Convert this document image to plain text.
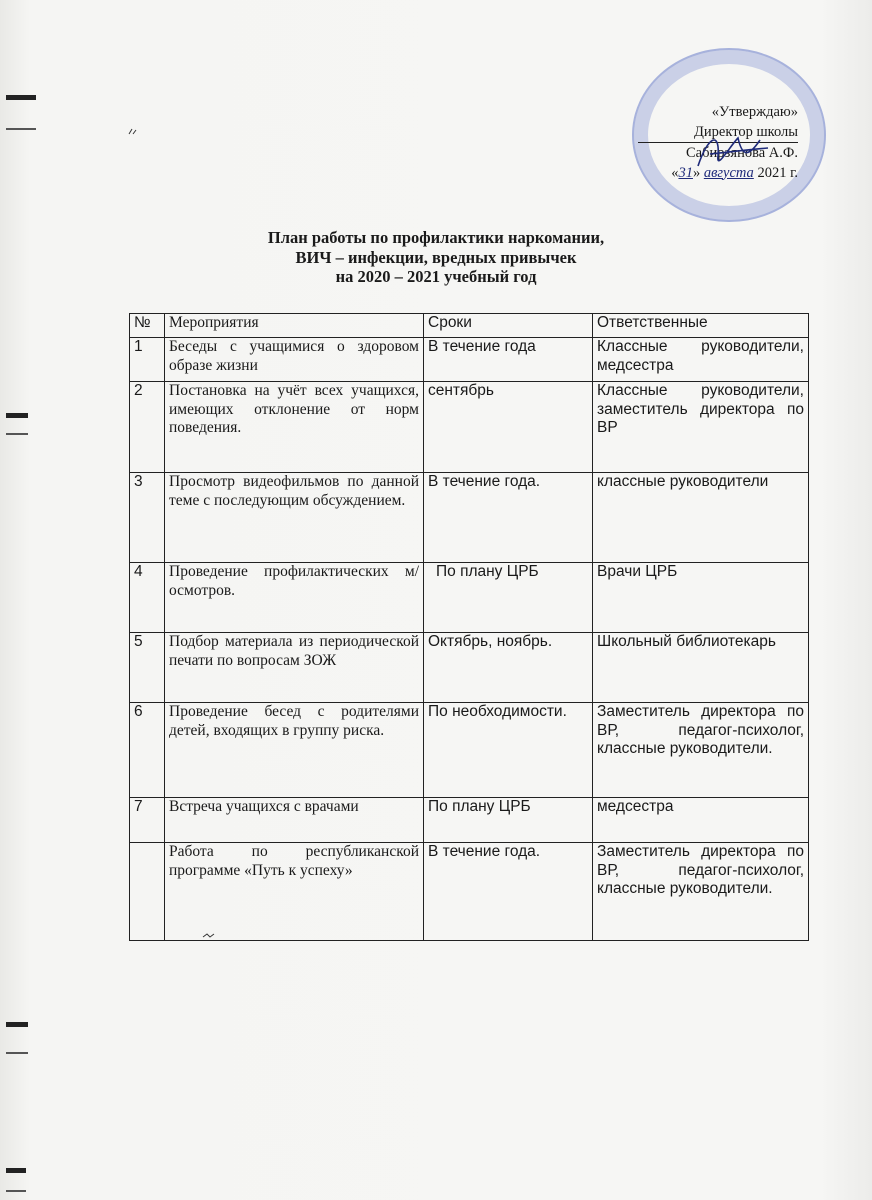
«Утверждаю»
Директор школы
Сабирзянова А.Ф.
«31» августа 2021 г.
План работы по профилактики наркомании,
ВИЧ – инфекции, вредных привычек
на 2020 – 2021 учебный год
№	Мероприятия	Сроки	Ответственные
1	Беседы с учащимися о здоровом образе жизни	В течение года	Классные руководители, медсестра
2	Постановка на учёт всех учащихся, имеющих отклонение от норм поведения.	сентябрь	Классные руководители, заместитель директора по ВР
3	Просмотр видеофильмов по данной теме с последующим обсуждением.	В течение года.	классные руководители
4	Проведение профилактических м/осмотров.	По плану ЦРБ	Врачи ЦРБ
5	Подбор материала из периодической печати по вопросам ЗОЖ	Октябрь, ноябрь.	Школьный библиотекарь
6	Проведение бесед с родителями детей, входящих в группу риска.	По необходимости.	Заместитель директора по ВР, педагог-психолог, классные руководители.
7	Встреча учащихся с врачами	По плану ЦРБ	медсестра
	Работа по республиканской программе «Путь к успеху»	В течение года.	Заместитель директора по ВР, педагог-психолог, классные руководители.
